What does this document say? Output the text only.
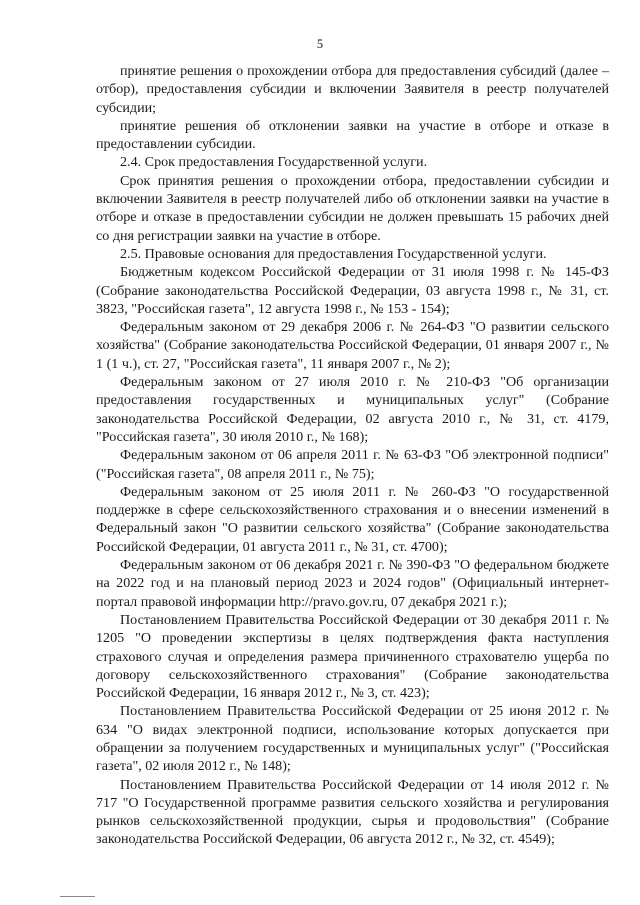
5

принятие решения о прохождении отбора для предоставления субсидий (далее – отбор), предоставления субсидии и включении Заявителя в реестр получателей субсидии;

принятие решения об отклонении заявки на участие в отборе и отказе в предоставлении субсидии.

2.4. Срок предоставления Государственной услуги.

Срок принятия решения о прохождении отбора, предоставлении субсидии и включении Заявителя в реестр получателей либо об отклонении заявки на участие в отборе и отказе в предоставлении субсидии не должен превышать 15 рабочих дней со дня регистрации заявки на участие в отборе.

2.5. Правовые основания для предоставления Государственной услуги.

Бюджетным кодексом Российской Федерации от 31 июля 1998 г. № 145-ФЗ (Собрание законодательства Российской Федерации, 03 августа 1998 г., № 31, ст. 3823, "Российская газета", 12 августа 1998 г., № 153 - 154);

Федеральным законом от 29 декабря 2006 г. № 264-ФЗ "О развитии сельского хозяйства" (Собрание законодательства Российской Федерации, 01 января 2007 г., № 1 (1 ч.), ст. 27, "Российская газета", 11 января 2007 г., № 2);

Федеральным законом от 27 июля 2010 г. № 210-ФЗ "Об организации предоставления государственных и муниципальных услуг" (Собрание законодательства Российской Федерации, 02 августа 2010 г., № 31, ст. 4179, "Российская газета", 30 июля 2010 г., № 168);

Федеральным законом от 06 апреля 2011 г. № 63-ФЗ "Об электронной подписи" ("Российская газета", 08 апреля 2011 г., № 75);

Федеральным законом от 25 июля 2011 г. № 260-ФЗ "О государственной поддержке в сфере сельскохозяйственного страхования и о внесении изменений в Федеральный закон "О развитии сельского хозяйства" (Собрание законодательства Российской Федерации, 01 августа 2011 г., № 31, ст. 4700);

Федеральным законом от 06 декабря 2021 г. № 390-ФЗ "О федеральном бюджете на 2022 год и на плановый период 2023 и 2024 годов" (Официальный интернет-портал правовой информации http://pravo.gov.ru, 07 декабря 2021 г.);

Постановлением Правительства Российской Федерации от 30 декабря 2011 г. № 1205 "О проведении экспертизы в целях подтверждения факта наступления страхового случая и определения размера причиненного страхователю ущерба по договору сельскохозяйственного страхования" (Собрание законодательства Российской Федерации, 16 января 2012 г., № 3, ст. 423);

Постановлением Правительства Российской Федерации от 25 июня 2012 г. № 634 "О видах электронной подписи, использование которых допускается при обращении за получением государственных и муниципальных услуг" ("Российская газета", 02 июля 2012 г., № 148);

Постановлением Правительства Российской Федерации от 14 июля 2012 г. № 717 "О Государственной программе развития сельского хозяйства и регулирования рынков сельскохозяйственной продукции, сырья и продовольствия" (Собрание законодательства Российской Федерации, 06 августа 2012 г., № 32, ст. 4549);
